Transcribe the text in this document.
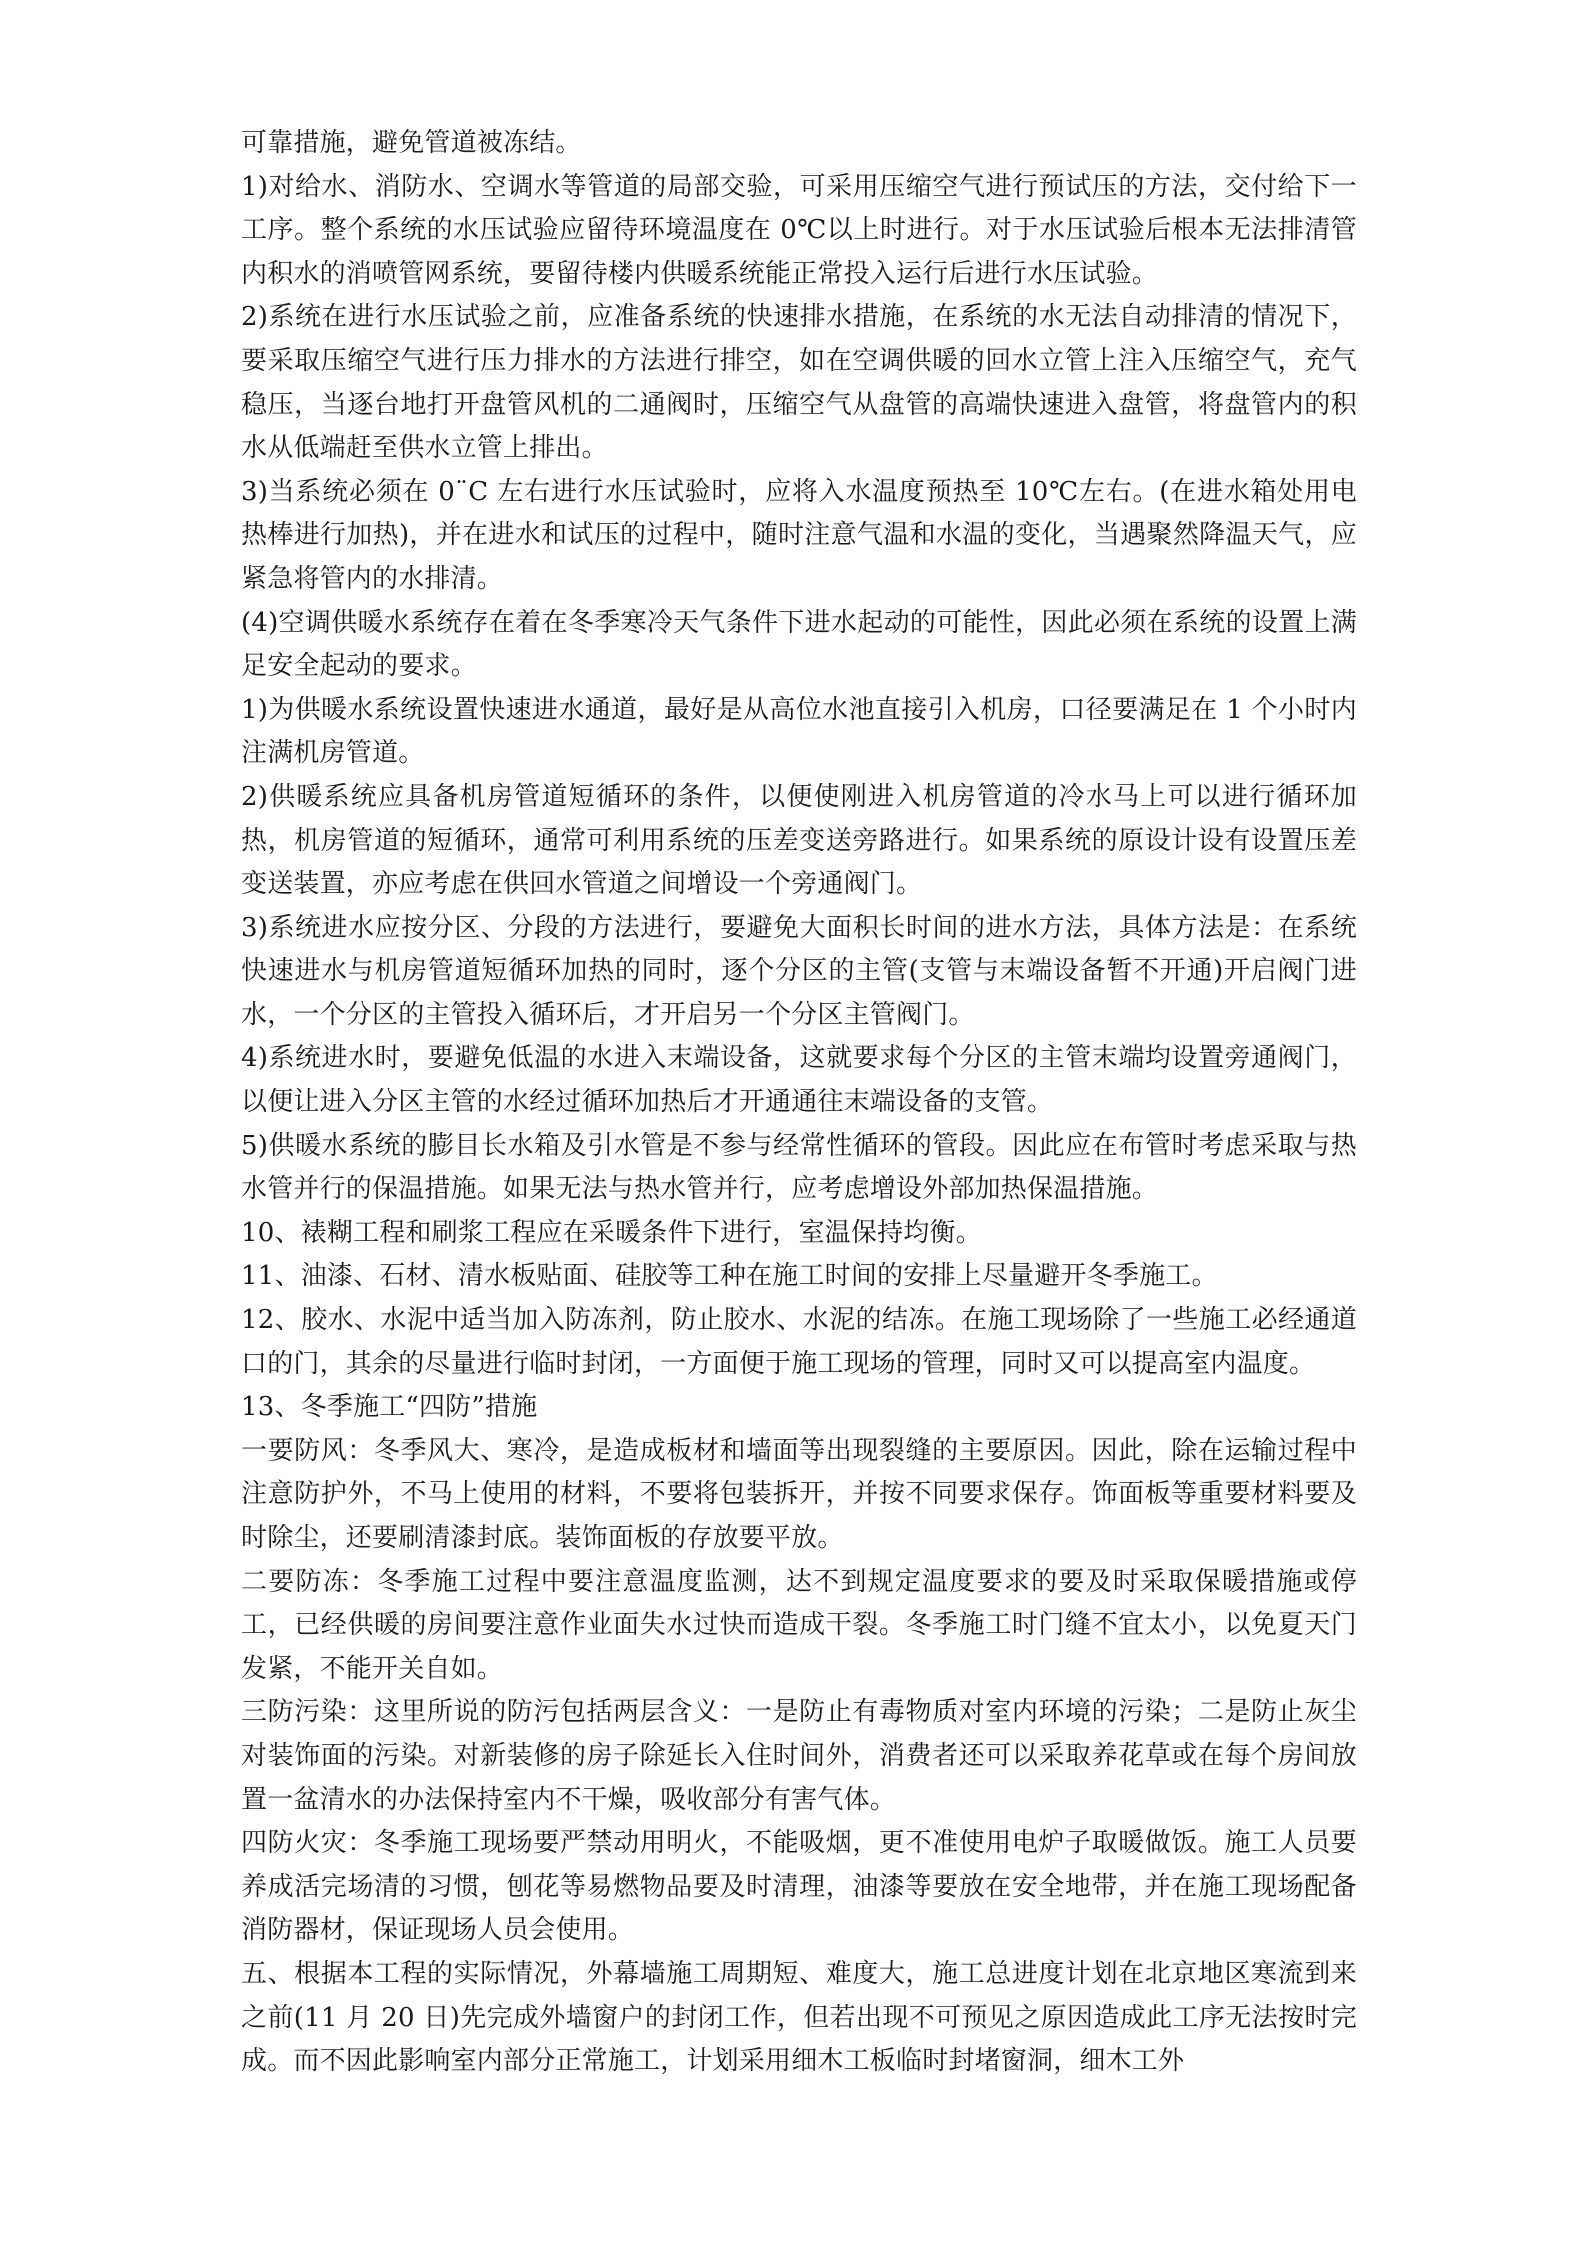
可靠措施，避免管道被冻结。

1)对给水、消防水、空调水等管道的局部交验，可采用压缩空气进行预试压的方法，交付给下一工序。整个系统的水压试验应留待环境温度在 0℃以上时进行。对于水压试验后根本无法排清管内积水的消喷管网系统，要留待楼内供暖系统能正常投入运行后进行水压试验。

2)系统在进行水压试验之前，应准备系统的快速排水措施，在系统的水无法自动排清的情况下，要采取压缩空气进行压力排水的方法进行排空，如在空调供暖的回水立管上注入压缩空气，充气稳压，当逐台地打开盘管风机的二通阀时，压缩空气从盘管的高端快速进入盘管，将盘管内的积水从低端赶至供水立管上排出。

3)当系统必须在 0¨C 左右进行水压试验时，应将入水温度预热至 10℃左右。(在进水箱处用电热棒进行加热)，并在进水和试压的过程中，随时注意气温和水温的变化，当遇聚然降温天气，应紧急将管内的水排清。

(4)空调供暖水系统存在着在冬季寒冷天气条件下进水起动的可能性，因此必须在系统的设置上满足安全起动的要求。

1)为供暖水系统设置快速进水通道，最好是从高位水池直接引入机房，口径要满足在 1 个小时内注满机房管道。

2)供暖系统应具备机房管道短循环的条件，以便使刚进入机房管道的冷水马上可以进行循环加热，机房管道的短循环，通常可利用系统的压差变送旁路进行。如果系统的原设计设有设置压差变送装置，亦应考虑在供回水管道之间增设一个旁通阀门。

3)系统进水应按分区、分段的方法进行，要避免大面积长时间的进水方法，具体方法是：在系统快速进水与机房管道短循环加热的同时，逐个分区的主管(支管与末端设备暂不开通)开启阀门进水，一个分区的主管投入循环后，才开启另一个分区主管阀门。

4)系统进水时，要避免低温的水进入末端设备，这就要求每个分区的主管末端均设置旁通阀门，以便让进入分区主管的水经过循环加热后才开通通往末端设备的支管。

5)供暖水系统的膨目长水箱及引水管是不参与经常性循环的管段。因此应在布管时考虑采取与热水管并行的保温措施。如果无法与热水管并行，应考虑增设外部加热保温措施。

10、裱糊工程和刷浆工程应在采暖条件下进行，室温保持均衡。

11、油漆、石材、清水板贴面、硅胶等工种在施工时间的安排上尽量避开冬季施工。

12、胶水、水泥中适当加入防冻剂，防止胶水、水泥的结冻。在施工现场除了一些施工必经通道口的门，其余的尽量进行临时封闭，一方面便于施工现场的管理，同时又可以提高室内温度。

13、冬季施工“四防”措施

一要防风：冬季风大、寒冷，是造成板材和墙面等出现裂缝的主要原因。因此，除在运输过程中注意防护外，不马上使用的材料，不要将包装拆开，并按不同要求保存。饰面板等重要材料要及时除尘，还要刷清漆封底。装饰面板的存放要平放。

二要防冻：冬季施工过程中要注意温度监测，达不到规定温度要求的要及时采取保暖措施或停工，已经供暖的房间要注意作业面失水过快而造成干裂。冬季施工时门缝不宜太小，以免夏天门发紧，不能开关自如。

三防污染：这里所说的防污包括两层含义：一是防止有毒物质对室内环境的污染；二是防止灰尘对装饰面的污染。对新装修的房子除延长入住时间外，消费者还可以采取养花草或在每个房间放置一盆清水的办法保持室内不干燥，吸收部分有害气体。

四防火灾：冬季施工现场要严禁动用明火，不能吸烟，更不准使用电炉子取暖做饭。施工人员要养成活完场清的习惯，刨花等易燃物品要及时清理，油漆等要放在安全地带，并在施工现场配备消防器材，保证现场人员会使用。

五、根据本工程的实际情况，外幕墙施工周期短、难度大，施工总进度计划在北京地区寒流到来之前(11 月 20 日)先完成外墙窗户的封闭工作，但若出现不可预见之原因造成此工序无法按时完成。而不因此影响室内部分正常施工，计划采用细木工板临时封堵窗洞，细木工外
